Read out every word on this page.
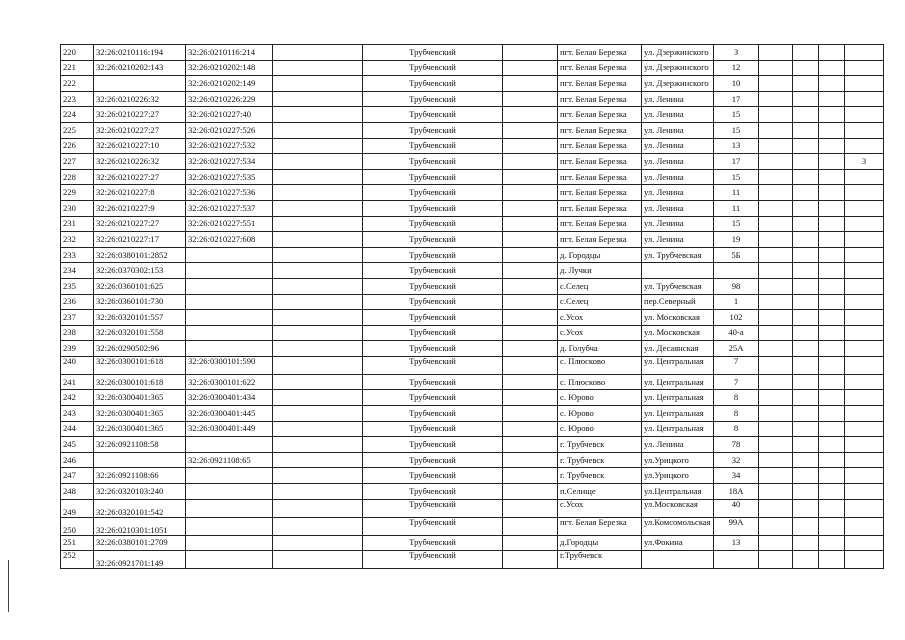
220	32:26:0210116:194	32:26:0210116:214		Трубчевский		пгт. Белая Березка	ул. Дзержинского	3				
221	32:26:0210202:143	32:26:0210202:148		Трубчевский		пгт. Белая Березка	ул. Дзержинского	12				
222		32:26:0210202:149		Трубчевский		пгт. Белая Березка	ул. Дзержинского	10				
223	32:26:0210226:32	32:26:0210226:229		Трубчевский		пгт. Белая Березка	ул. Ленина	17				
224	32:26:0210227:27	32:26:0210227:40		Трубчевский		пгт. Белая Березка	ул. Ленина	15				
225	32:26:0210227:27	32:26:0210227:526		Трубчевский		пгт. Белая Березка	ул. Ленина	15				
226	32:26:0210227:10	32:26:0210227:532		Трубчевский		пгт. Белая Березка	ул. Ленина	13				
227	32:26:0210226:32	32:26:0210227:534		Трубчевский		пгт. Белая Березка	ул. Ленина	17				3
228	32:26:0210227:27	32:26:0210227:535		Трубчевский		пгт. Белая Березка	ул. Ленина	15				
229	32:26:0210227:8	32:26:0210227:536		Трубчевский		пгт. Белая Березка	ул. Ленина	11				
230	32:26:0210227:9	32:26:0210227:537		Трубчевский		пгт. Белая Березка	ул. Ленина	11				
231	32:26:0210227:27	32:26:0210227:551		Трубчевский		пгт. Белая Березка	ул. Ленина	15				
232	32:26:0210227:17	32:26:0210227:608		Трубчевский		пгт. Белая Березка	ул. Ленина	19				
233	32:26:0380101:2852			Трубчевский		д. Городцы	ул. Трубчевская	5Б				
234	32:26:0370302:153			Трубчевский		д. Лучки						
235	32:26:0360101:625			Трубчевский		с.Селец	ул. Трубчевская	98				
236	32:26:0360101:730			Трубчевский		с.Селец	пер.Северный	1				
237	32:26:0320101:557			Трубчевский		с.Усох	ул. Московская	102				
238	32:26:0320101:558			Трубчевский		с.Усох	ул. Московская	40-а				
239	32:26:0290502:96			Трубчевский		д. Голубча	ул. Десаянская	25А				
240	32:26:0300101:618	32:26:0300101:590		Трубчевский		с. Плюсково	ул. Центральная	7				
241	32:26:0300101:618	32:26:0300101:622		Трубчевский		с. Плюсково	ул. Центральная	7				
242	32:26:0300401:365	32:26:0300401:434		Трубчевский		с. Юрово	ул. Центральная	8				
243	32:26:0300401:365	32:26:0300401:445		Трубчевский		с. Юрово	ул. Центральная	8				
244	32:26:0300401:365	32:26:0300401:449		Трубчевский		с. Юрово	ул. Центральная	8				
245	32:26:0921108:58			Трубчевский		г. Трубчевск	ул. Ленина	78				
246		32:26:0921108:65		Трубчевский		г. Трубчевск	ул.Урицкого	32				
247	32:26:0921108:66			Трубчевский		г. Трубчевск	ул.Урицкого	34				
248	32:26:0320103:240			Трубчевский		п.Селище	ул.Центральная	18А				
249	32:26:0320101:542			Трубчевский		с.Усох	ул.Московская	40				
250	32:26:0210301:1051			Трубчевский		пгт. Белая Березка	ул.Комсомольская	99А				
251	32:26:0380101:2709			Трубчевский		д.Городцы	ул.Фокина	13				
252	32:26:0921701:149			Трубчевский		г.Трубчевск						
